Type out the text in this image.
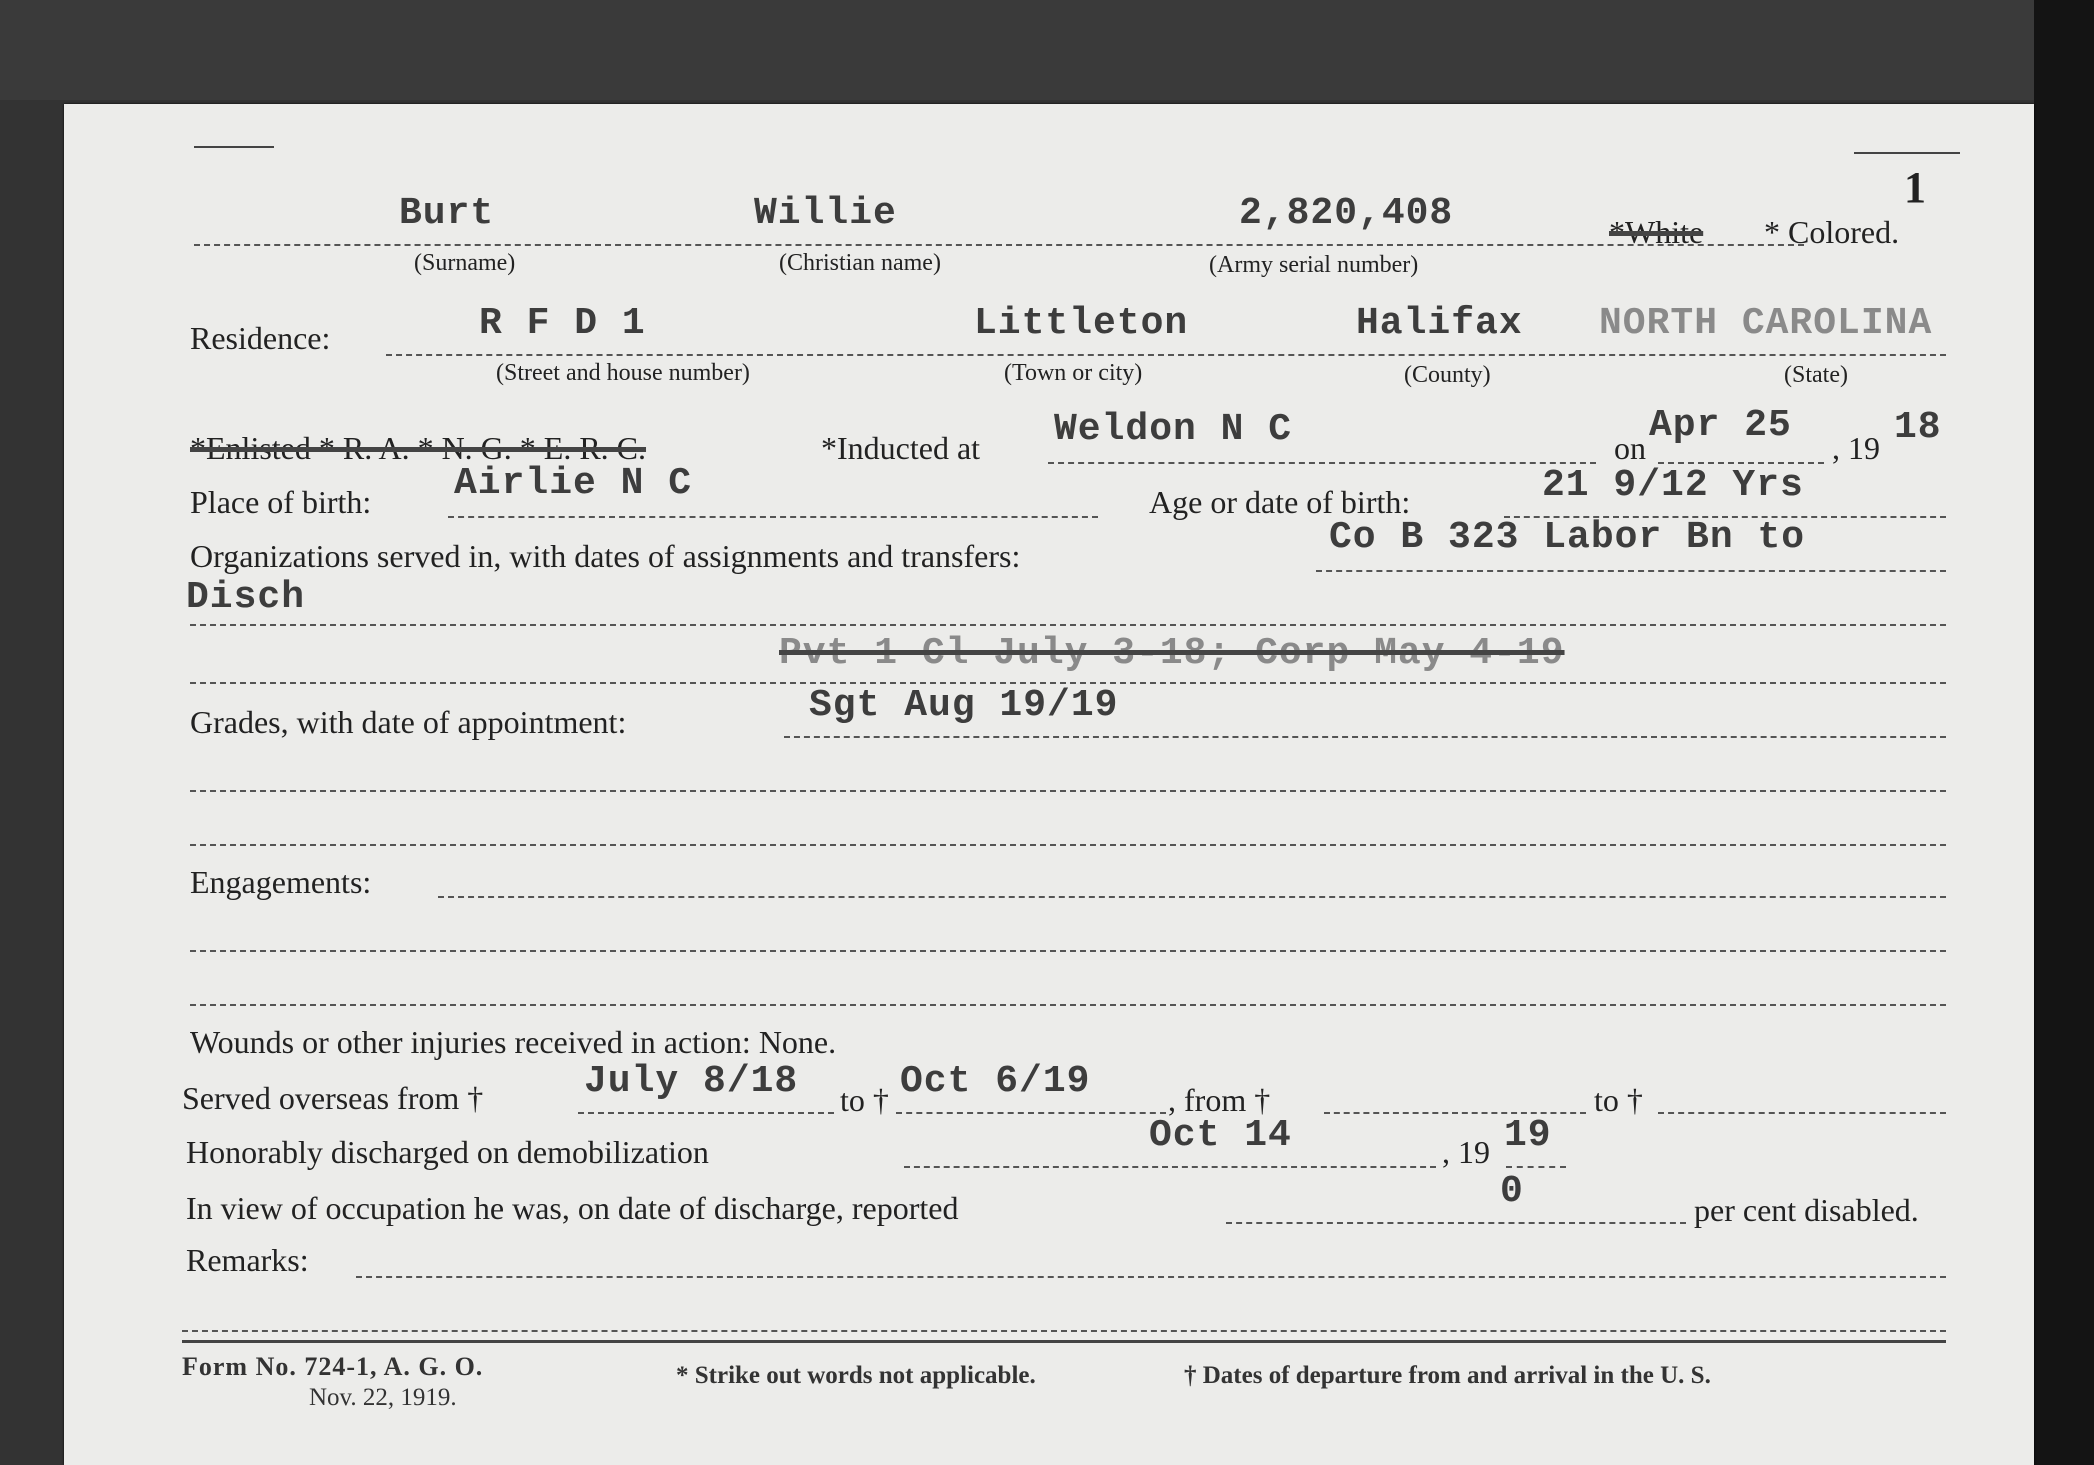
1
Burt	Willie	2,820,408	*White * Colored.
(Surname)	(Christian name)	(Army serial number)
Residence:	R F D 1	Littleton	Halifax NORTH CAROLINA
(Street and house number)	(Town or city)	(County)	(State)
*Enlisted * R. A. * N. G. * E. R. C.	*Inducted at Weldon N C	on
Apr 25
, 19 18
Place of birth: Airlie N C	Age or date of birth:	21 9/12 Yrs
Organizations served in, with dates of assignments and transfers:	Co B 323 Labor Bn to
Disch
Pvt 1 Cl July 3-18; Corp May 4-19
Grades, with date of appointment:	Sgt Aug 19/19
Engagements:
Wounds or other injuries received in action: None.
Served overseas from †	July 8/18 to † Oct 6/19 , from †	to †
Honorably discharged on demobilization	Oct 14	, 19 19
In view of occupation he was, on date of discharge, reported	0	per cent disabled.
Remarks:
Form No. 724-1, A. G. O.
Nov. 22, 1919.
* Strike out words not applicable.	† Dates of departure from and arrival in the U. S.
